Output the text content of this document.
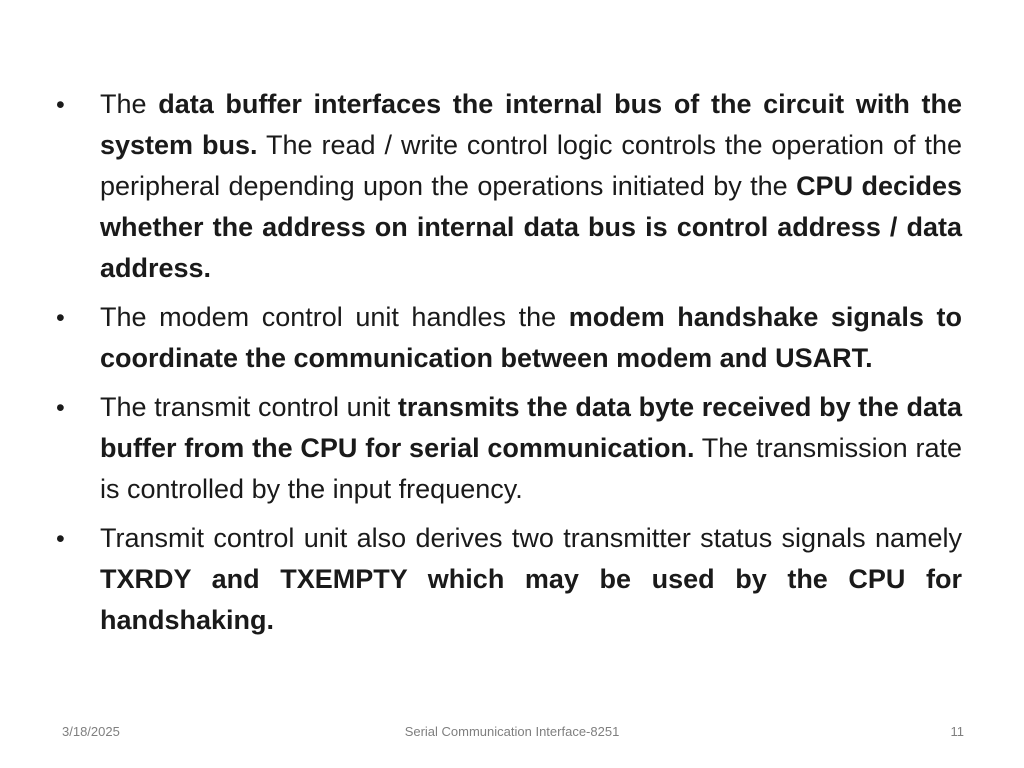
•
The data buffer interfaces the internal bus of the circuit with the system bus. The read / write control logic controls the operation of the peripheral depending upon the operations initiated by the CPU decides whether the address on internal data bus is control address / data address.
•
The modem control unit handles the modem handshake signals to coordinate the communication between modem and USART.
•
The transmit control unit transmits the data byte received by the data buffer from the CPU for serial communication. The transmission rate is controlled by the input frequency.
•
Transmit control unit also derives two transmitter status signals namely TXRDY and TXEMPTY which may be used by the CPU for handshaking.
3/18/2025	Serial Communication Interface-8251	11
